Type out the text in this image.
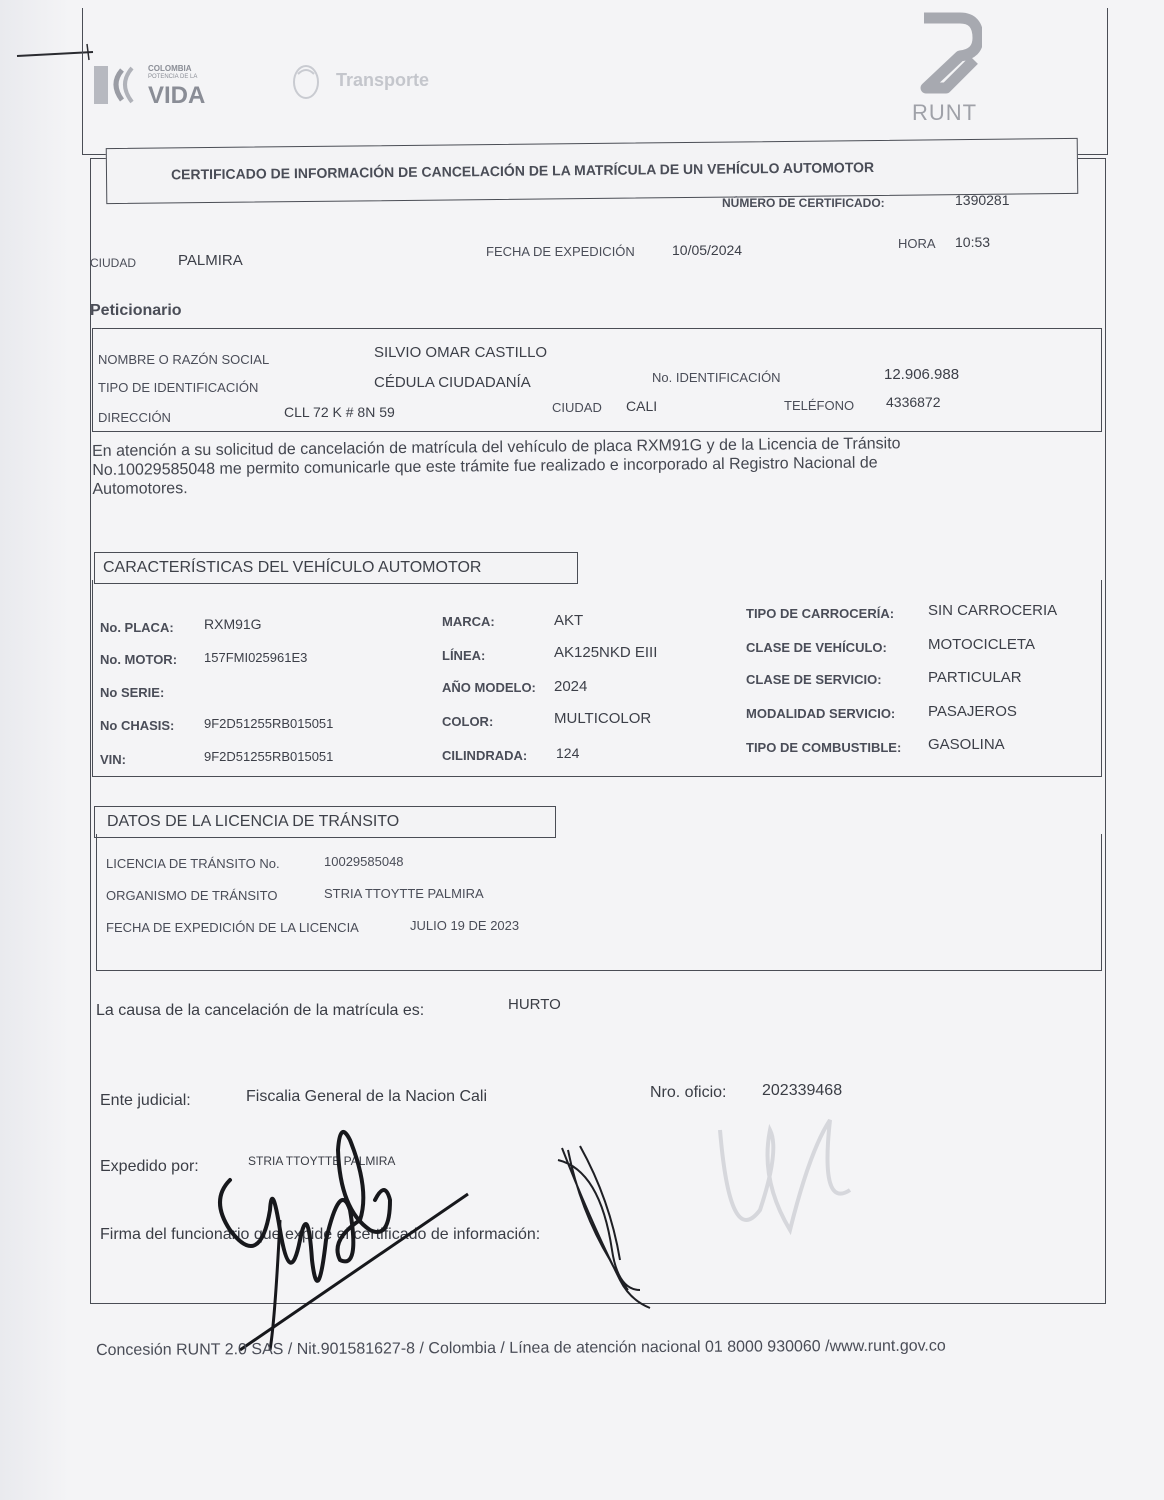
COLOMBIA
POTENCIA DE LA
VIDA
Transporte
RUNT
CERTIFICADO DE INFORMACIÓN DE CANCELACIÓN DE LA MATRÍCULA DE UN VEHÍCULO AUTOMOTOR
NÚMERO DE CERTIFICADO:	1390281
CIUDAD	PALMIRA
FECHA DE EXPEDICIÓN	10/05/2024	HORA 10:53
Peticionario
NOMBRE O RAZÓN SOCIAL	SILVIO OMAR CASTILLO
TIPO DE IDENTIFICACIÓN	CÉDULA CIUDADANÍA	No. IDENTIFICACIÓN	12.906.988
DIRECCIÓN	CLL 72 K # 8N 59	CIUDAD CALI	TELÉFONO 4336872
En atención a su solicitud de cancelación de matrícula del vehículo de placa RXM91G y de la Licencia de Tránsito
No.10029585048 me permito comunicarle que este trámite fue realizado e incorporado al Registro Nacional de
Automotores.
CARACTERÍSTICAS DEL VEHÍCULO AUTOMOTOR
No. PLACA: RXM91G
No. MOTOR: 157FMI025961E3
No SERIE:
No CHASIS: 9F2D51255RB015051
VIN:	9F2D51255RB015051
MARCA:	AKT
LÍNEA:	AK125NKD EIII
AÑO MODELO: 2024
COLOR:	MULTICOLOR
CILINDRADA: 124
TIPO DE CARROCERÍA: SIN CARROCERIA
CLASE DE VEHÍCULO:	MOTOCICLETA
CLASE DE SERVICIO:	PARTICULAR
MODALIDAD SERVICIO: PASAJEROS
TIPO DE COMBUSTIBLE: GASOLINA
DATOS DE LA LICENCIA DE TRÁNSITO
LICENCIA DE TRÁNSITO No.	10029585048
ORGANISMO DE TRÁNSITO	STRIA TTOYTTE PALMIRA
FECHA DE EXPEDICIÓN DE LA LICENCIA	JULIO 19 DE 2023
La causa de la cancelación de la matrícula es:	HURTO
Ente judicial:	Fiscalia General de la Nacion Cali	Nro. oficio: 202339468
Expedido por:	STRIA TTOYTTE PALMIRA
Firma del funcionario que expide el certificado de información:
Concesión RUNT 2.0 SAS / Nit.901581627-8 / Colombia / Línea de atención nacional 01 8000 930060 /www.runt.gov.co
